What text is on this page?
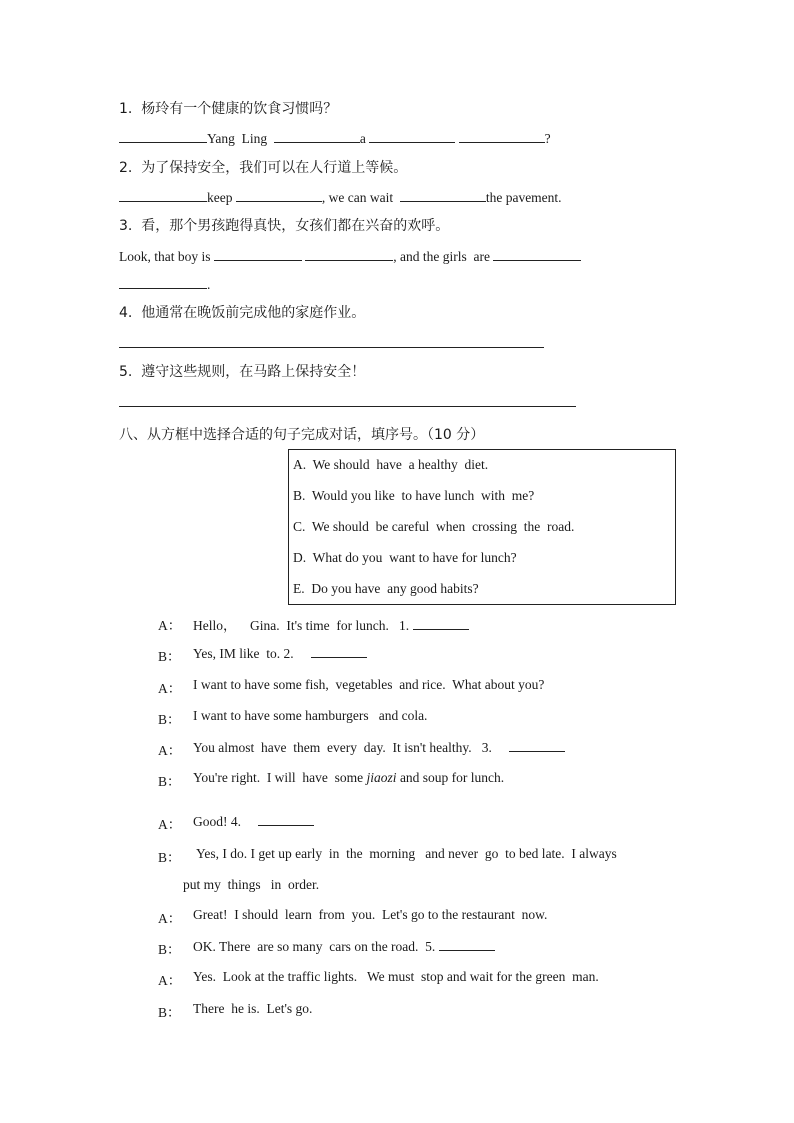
1.  杨玲有一个健康的饮食习惯吗？
Yang  Ling	a	?
2.  为了保持安全，我们可以在人行道上等候。
keep	, we can wait	the pavement.
3.  看，那个男孩跑得真快，女孩们都在兴奋的欢呼。
Look, that boy is	, and the girls  are
.
4.  他通常在晚饭前完成他的家庭作业。
5.  遵守这些规则，在马路上保持安全！
八、从方框中选择合适的句子完成对话，填序号。（10 分）
A.  We should  have  a healthy  diet.
B.  Would you like  to have lunch  with  me?
C.  We should  be careful  when  crossing  the  road.
D.  What do you  want to have for lunch?
E.  Do you have  any good habits?
A： Hello，    Gina.  It's time  for lunch.   1.
B： Yes, IM like  to. 2.
A： I want to have some fish,  vegetables  and rice.  What about you?
B： I want to have some hamburgers   and cola.
A： You almost  have  them  every  day.  It isn't healthy.   3.
B： You're right.  I will  have  some jiaozi and soup for lunch.
A： Good! 4.
B： Yes, I do. I get up early  in  the  morning   and never  go  to bed late.  I always
put my  things   in  order.
A： Great!  I should  learn  from  you.  Let's go to the restaurant  now.
B： OK. There  are so many  cars on the road.  5.
A： Yes.  Look at the traffic lights.   We must  stop and wait for the green  man.
B： There  he is.  Let's go.
